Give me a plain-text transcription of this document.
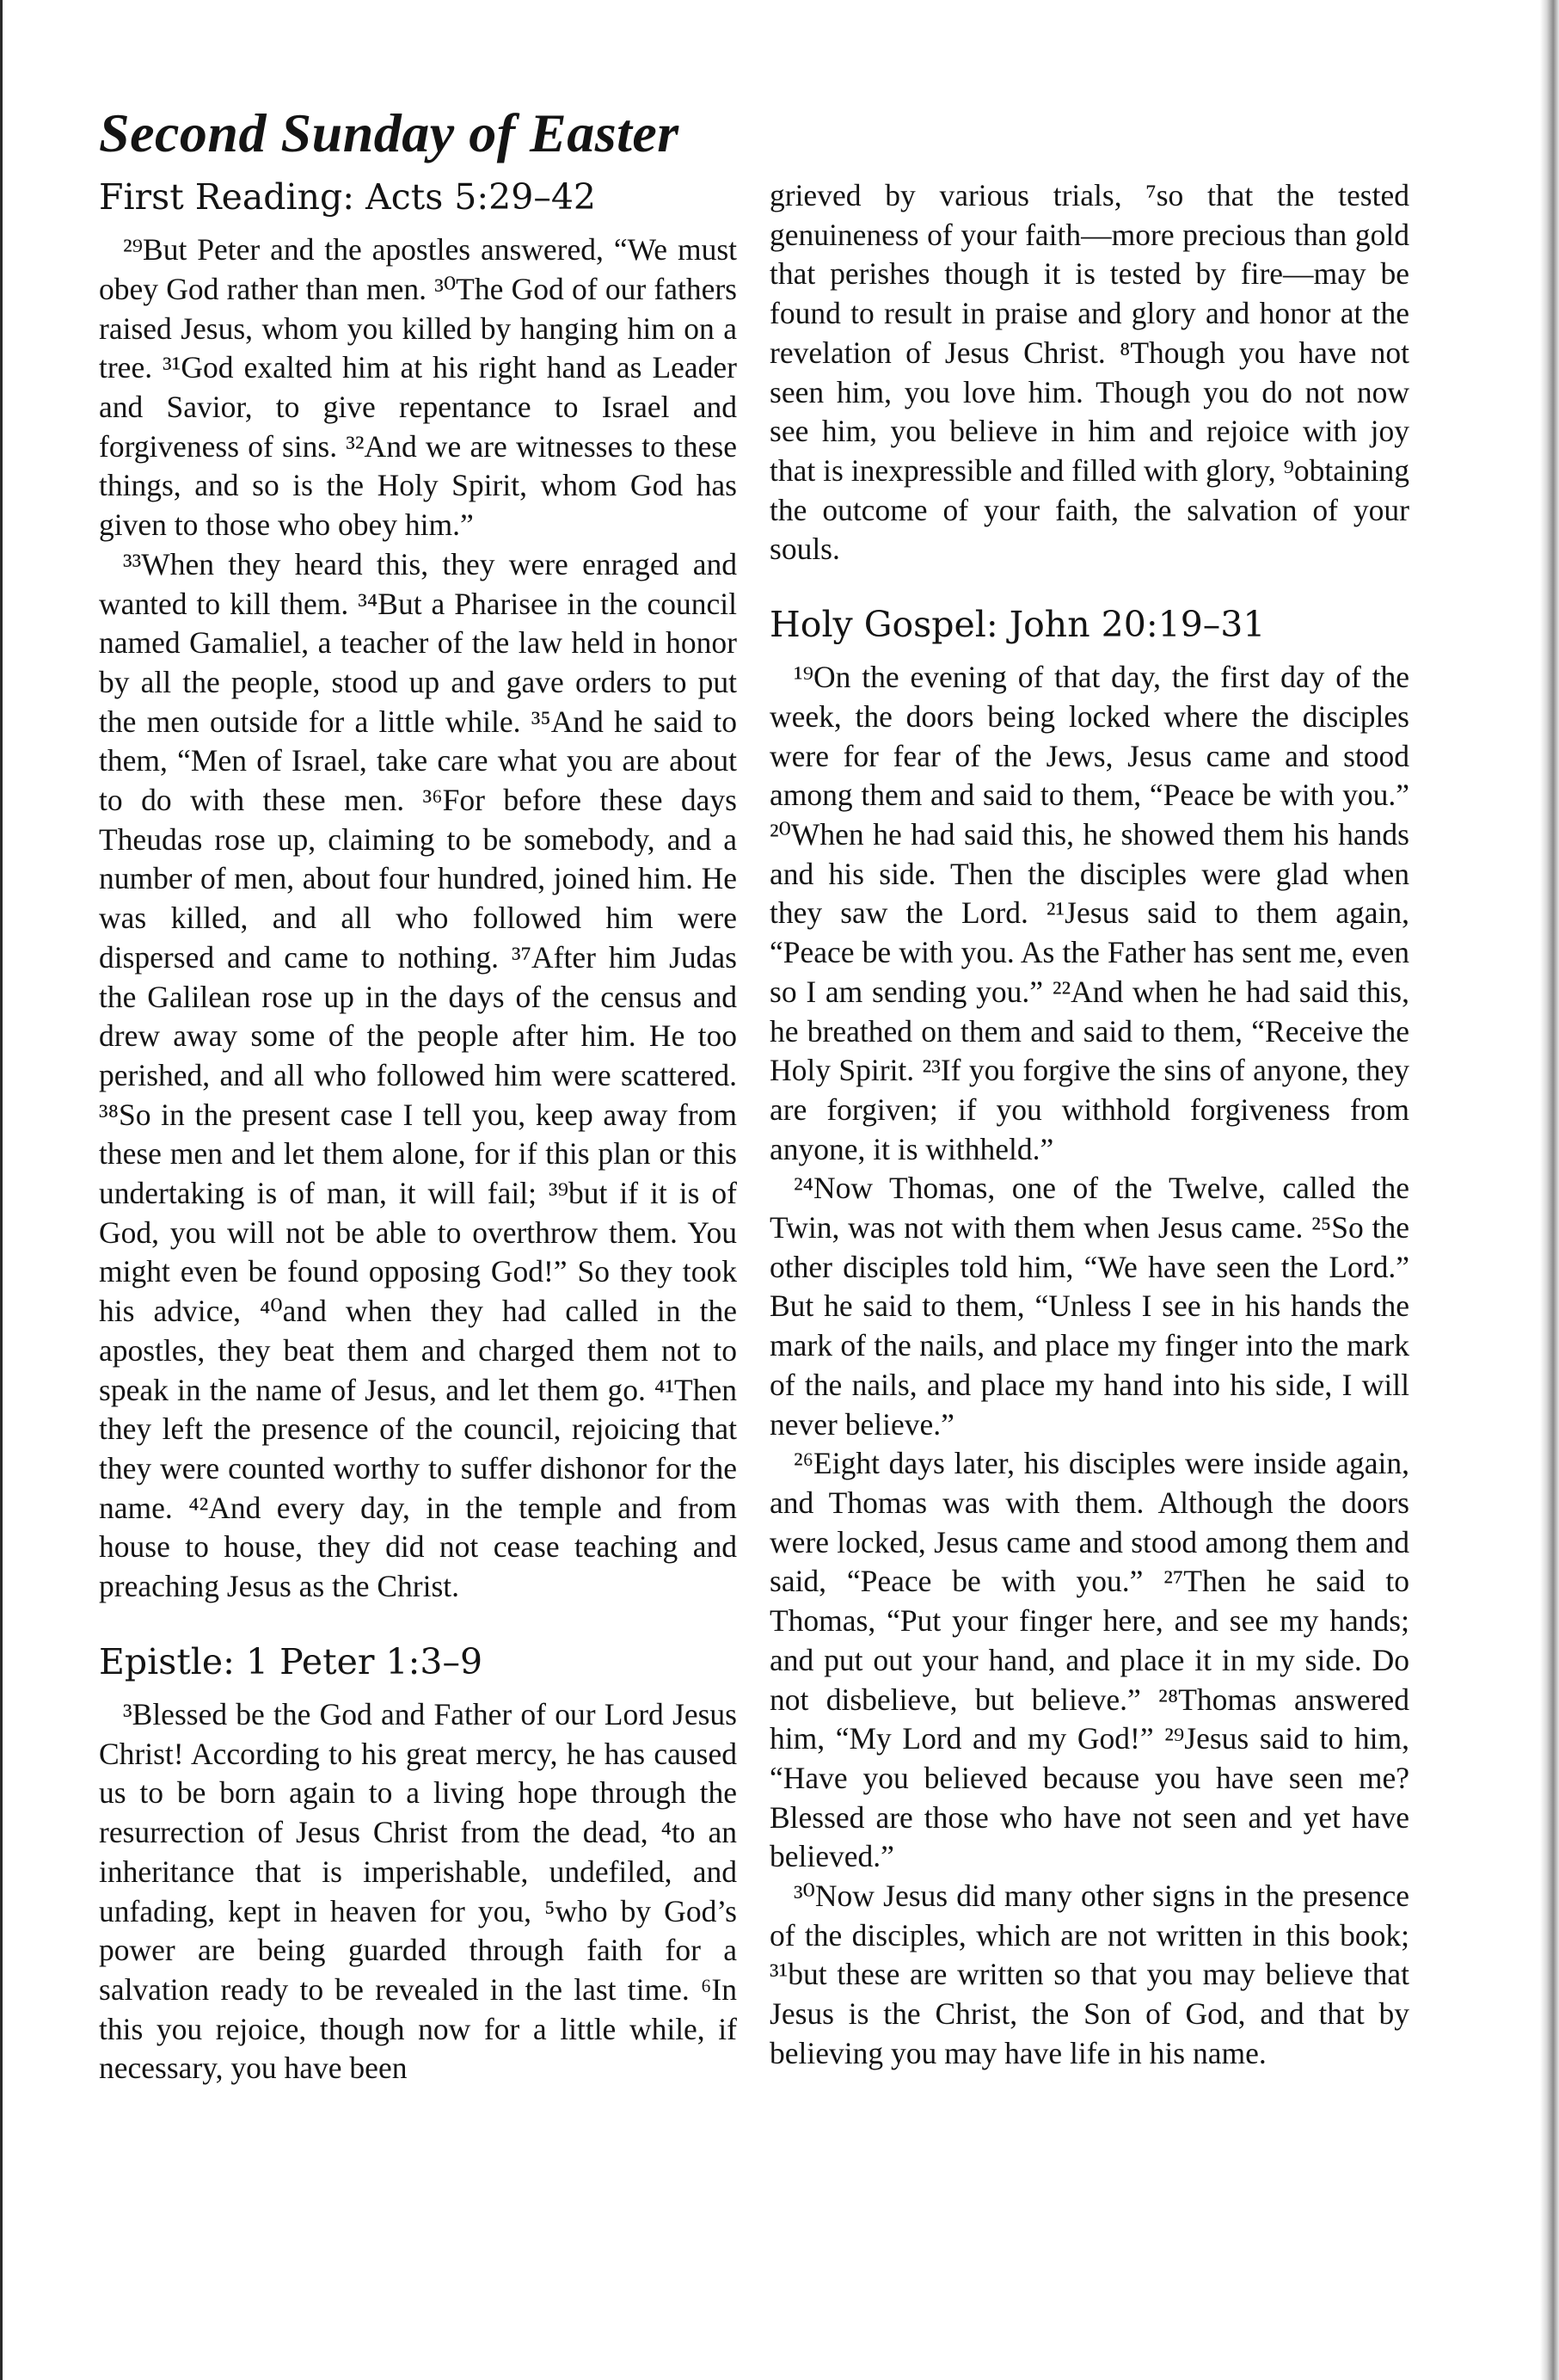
Second Sunday of Easter
First Reading: Acts 5:29–42

²⁹But Peter and the apostles answered, “We must obey God rather than men. ³⁰The God of our fathers raised Jesus, whom you killed by hanging him on a tree. ³¹God exalted him at his right hand as Leader and Savior, to give repentance to Israel and forgiveness of sins. ³²And we are witnesses to these things, and so is the Holy Spirit, whom God has given to those who obey him.”

³³When they heard this, they were enraged and wanted to kill them. ³⁴But a Pharisee in the council named Gamaliel, a teacher of the law held in honor by all the people, stood up and gave orders to put the men outside for a little while. ³⁵And he said to them, “Men of Israel, take care what you are about to do with these men. ³⁶For before these days Theudas rose up, claiming to be somebody, and a number of men, about four hundred, joined him. He was killed, and all who followed him were dispersed and came to nothing. ³⁷After him Judas the Galilean rose up in the days of the census and drew away some of the people after him. He too perished, and all who followed him were scattered. ³⁸So in the present case I tell you, keep away from these men and let them alone, for if this plan or this undertaking is of man, it will fail; ³⁹but if it is of God, you will not be able to overthrow them. You might even be found opposing God!” So they took his advice, ⁴⁰and when they had called in the apostles, they beat them and charged them not to speak in the name of Jesus, and let them go. ⁴¹Then they left the presence of the council, rejoicing that they were counted worthy to suffer dishonor for the name. ⁴²And every day, in the temple and from house to house, they did not cease teaching and preaching Jesus as the Christ.

Epistle: 1 Peter 1:3–9

³Blessed be the God and Father of our Lord Jesus Christ! According to his great mercy, he has caused us to be born again to a living hope through the resurrection of Jesus Christ from the dead, ⁴to an inheritance that is imperishable, undefiled, and unfading, kept in heaven for you, ⁵who by God’s power are being guarded through faith for a salvation ready to be revealed in the last time. ⁶In this you rejoice, though now for a little while, if necessary, you have been

grieved by various trials, ⁷so that the tested genuineness of your faith—more precious than gold that perishes though it is tested by fire—may be found to result in praise and glory and honor at the revelation of Jesus Christ. ⁸Though you have not seen him, you love him. Though you do not now see him, you believe in him and rejoice with joy that is inexpressible and filled with glory, ⁹obtaining the outcome of your faith, the salvation of your souls.

Holy Gospel: John 20:19–31

¹⁹On the evening of that day, the first day of the week, the doors being locked where the disciples were for fear of the Jews, Jesus came and stood among them and said to them, “Peace be with you.” ²⁰When he had said this, he showed them his hands and his side. Then the disciples were glad when they saw the Lord. ²¹Jesus said to them again, “Peace be with you. As the Father has sent me, even so I am sending you.” ²²And when he had said this, he breathed on them and said to them, “Receive the Holy Spirit. ²³If you forgive the sins of anyone, they are forgiven; if you withhold forgiveness from anyone, it is withheld.”

²⁴Now Thomas, one of the Twelve, called the Twin, was not with them when Jesus came. ²⁵So the other disciples told him, “We have seen the Lord.” But he said to them, “Unless I see in his hands the mark of the nails, and place my finger into the mark of the nails, and place my hand into his side, I will never believe.”

²⁶Eight days later, his disciples were inside again, and Thomas was with them. Although the doors were locked, Jesus came and stood among them and said, “Peace be with you.” ²⁷Then he said to Thomas, “Put your finger here, and see my hands; and put out your hand, and place it in my side. Do not disbelieve, but believe.” ²⁸Thomas answered him, “My Lord and my God!” ²⁹Jesus said to him, “Have you believed because you have seen me? Blessed are those who have not seen and yet have believed.”

³⁰Now Jesus did many other signs in the presence of the disciples, which are not written in this book; ³¹but these are written so that you may believe that Jesus is the Christ, the Son of God, and that by believing you may have life in his name.
